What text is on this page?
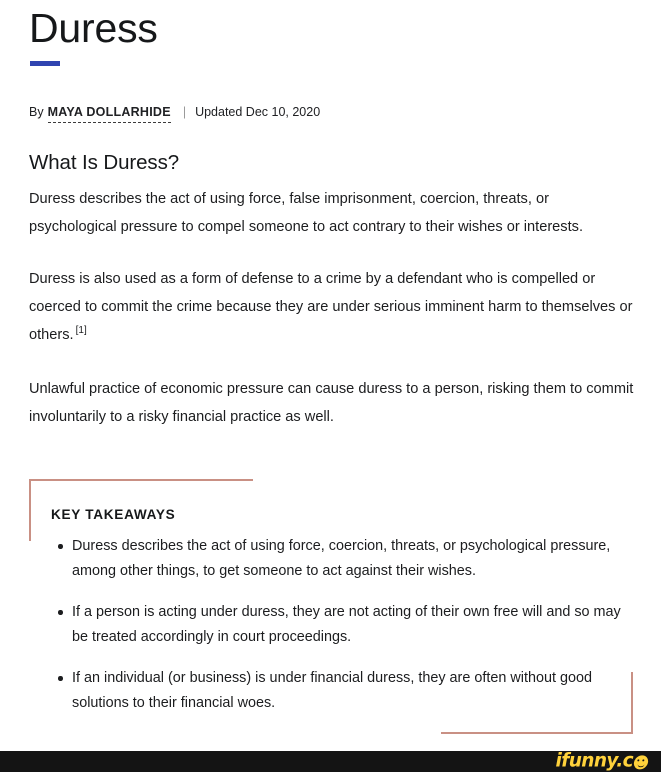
Duress
By MAYA DOLLARHIDE | Updated Dec 10, 2020
What Is Duress?

Duress describes the act of using force, false imprisonment, coercion, threats, or psychological pressure to compel someone to act contrary to their wishes or interests.

Duress is also used as a form of defense to a crime by a defendant who is compelled or coerced to commit the crime because they are under serious imminent harm to themselves or others. [1]

Unlawful practice of economic pressure can cause duress to a person, risking them to commit involuntarily to a risky financial practice as well.

KEY TAKEAWAYS
Duress describes the act of using force, coercion, threats, or psychological pressure, among other things, to get someone to act against their wishes.
If a person is acting under duress, they are not acting of their own free will and so may be treated accordingly in court proceedings.
If an individual (or business) is under financial duress, they are often without good solutions to their financial woes.
ifunny.c
